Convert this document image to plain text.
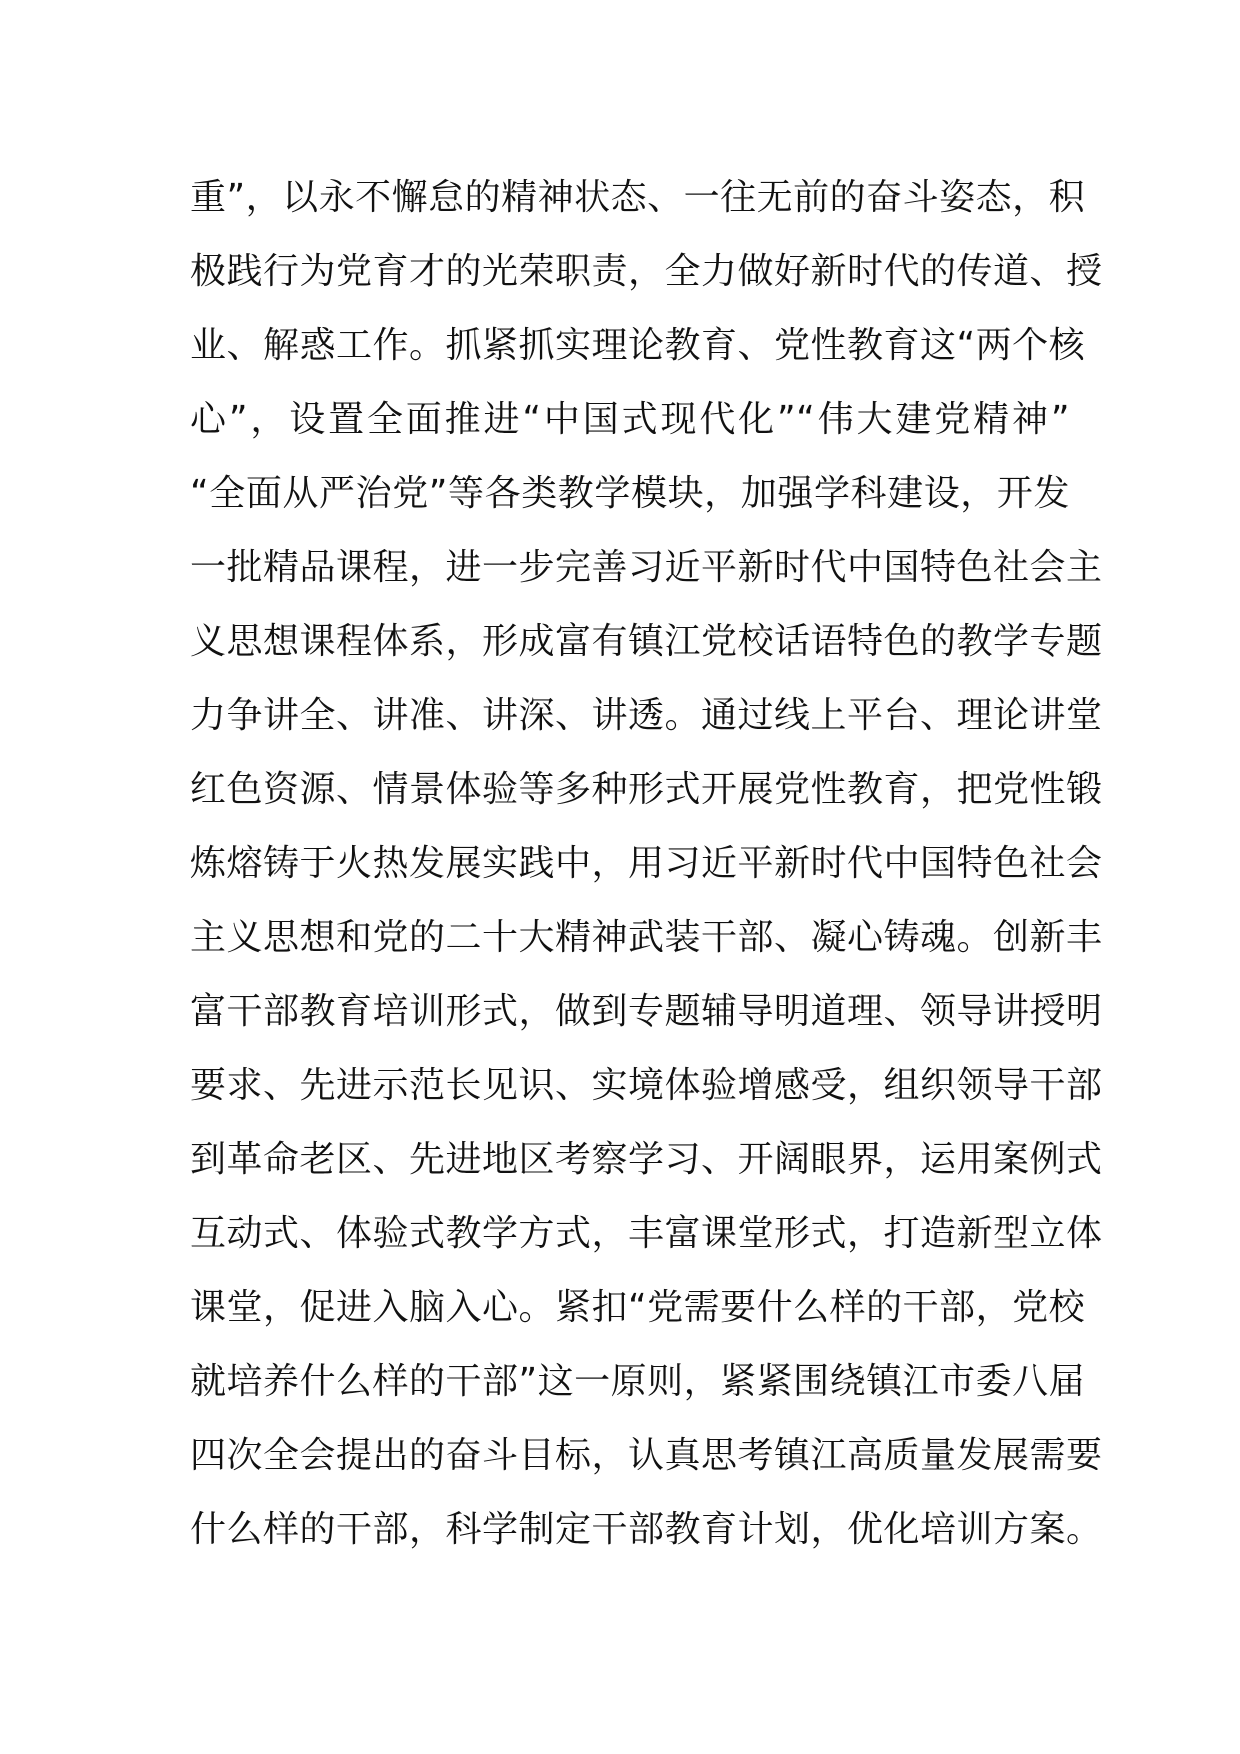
重”，以永不懈怠的精神状态、一往无前的奋斗姿态，积
极践行为党育才的光荣职责，全力做好新时代的传道、授
业、解惑工作。抓紧抓实理论教育、党性教育这“两个核
心”，设置全面推进“中国式现代化”“伟大建党精神”
“全面从严治党”等各类教学模块，加强学科建设，开发
一批精品课程，进一步完善习近平新时代中国特色社会主
义思想课程体系，形成富有镇江党校话语特色的教学专题
力争讲全、讲准、讲深、讲透。通过线上平台、理论讲堂
红色资源、情景体验等多种形式开展党性教育，把党性锻
炼熔铸于火热发展实践中，用习近平新时代中国特色社会
主义思想和党的二十大精神武装干部、凝心铸魂。创新丰
富干部教育培训形式，做到专题辅导明道理、领导讲授明
要求、先进示范长见识、实境体验增感受，组织领导干部
到革命老区、先进地区考察学习、开阔眼界，运用案例式
互动式、体验式教学方式，丰富课堂形式，打造新型立体
课堂，促进入脑入心。紧扣“党需要什么样的干部，党校
就培养什么样的干部”这一原则，紧紧围绕镇江市委八届
四次全会提出的奋斗目标，认真思考镇江高质量发展需要
什么样的干部，科学制定干部教育计划，优化培训方案。
